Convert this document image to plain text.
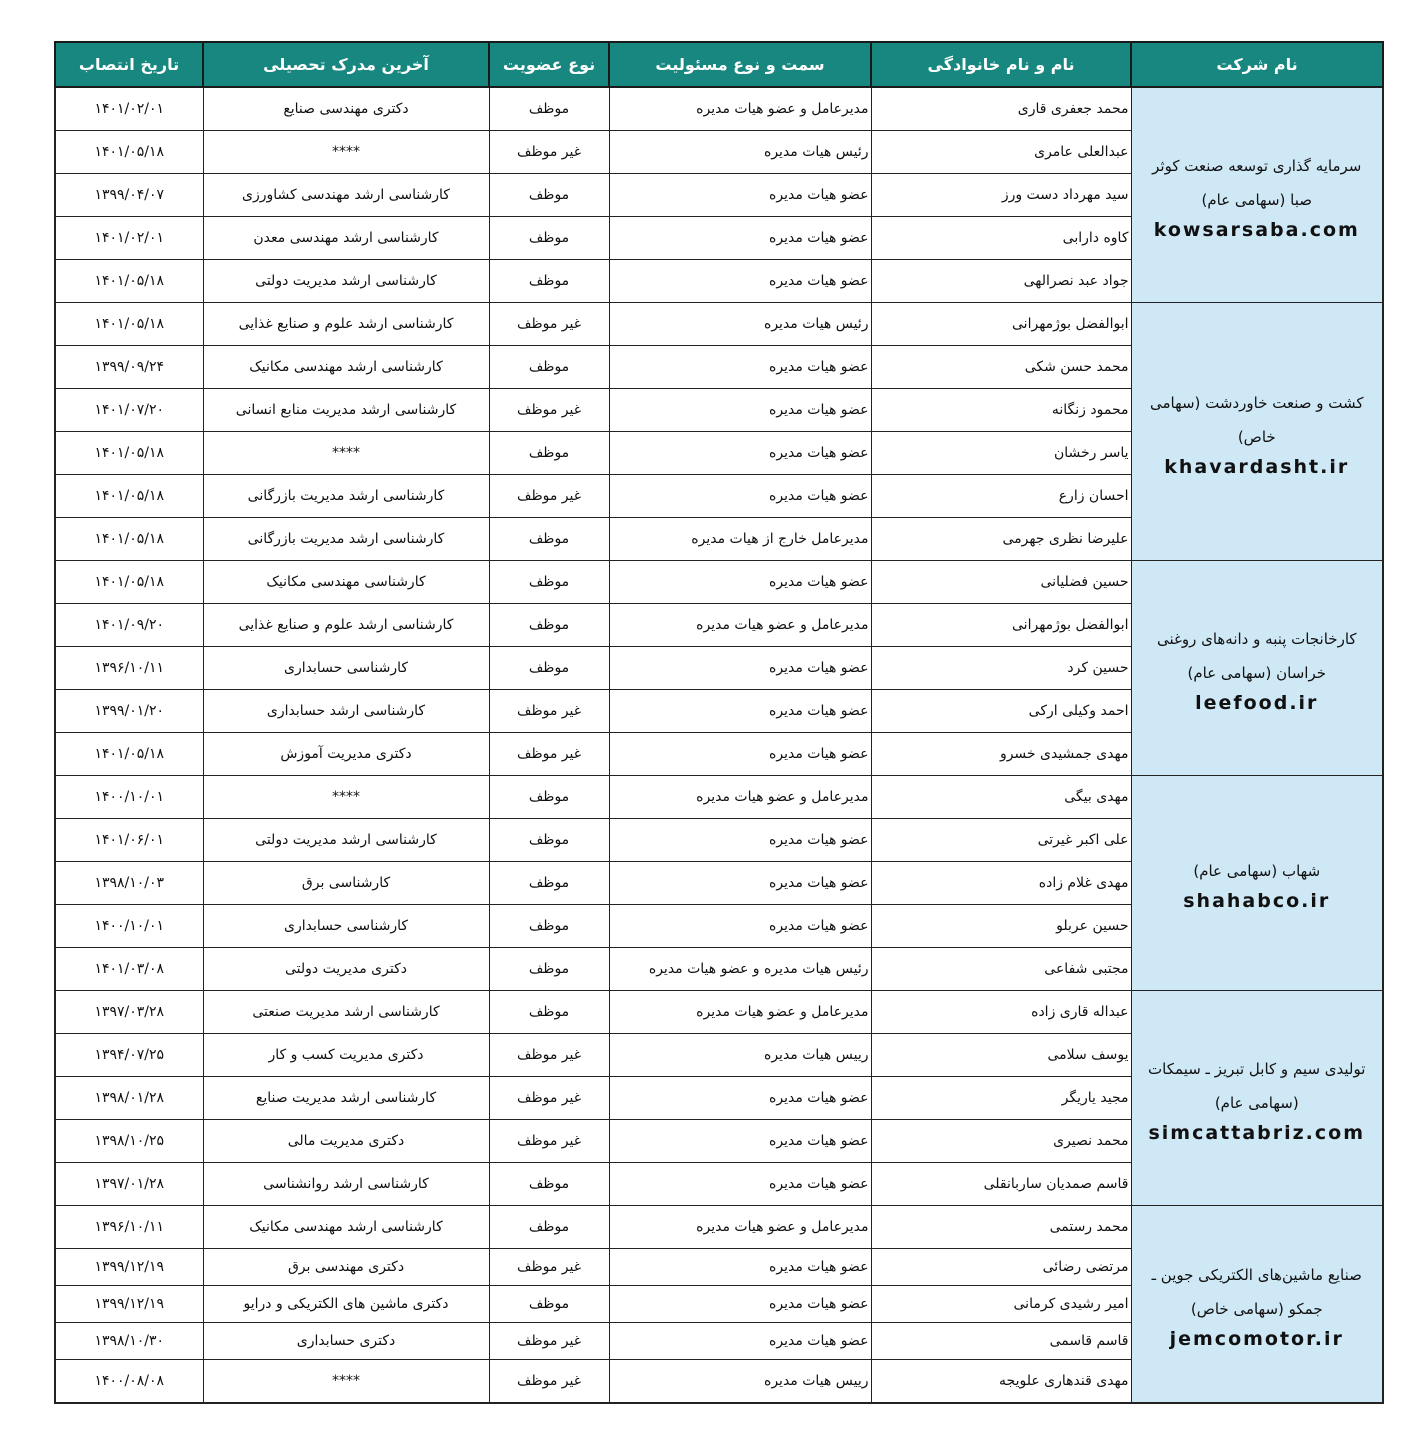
نام شرکت	نام و نام خانوادگی	سمت و نوع مسئولیت	نوع عضویت	آخرین مدرک تحصیلی	تاریخ انتصاب

سرمایه گذاری توسعه صنعت کوثر صبا (سهامی عام)
kowsarsaba.com	محمد جعفری قاری	مدیرعامل و عضو هیات مدیره	موظف	دکتری مهندسی صنایع	۱۴۰۱/۰۲/۰۱
	عبدالعلی عامری	رئیس هیات مدیره	غیر موظف	****	۱۴۰۱/۰۵/۱۸
	سید مهرداد دست ورز	عضو هیات مدیره	موظف	کارشناسی ارشد مهندسی کشاورزی	۱۳۹۹/۰۴/۰۷
	کاوه دارابی	عضو هیات مدیره	موظف	کارشناسی ارشد مهندسی معدن	۱۴۰۱/۰۲/۰۱
	جواد عبد نصرالهی	عضو هیات مدیره	موظف	کارشناسی ارشد مدیریت دولتی	۱۴۰۱/۰۵/۱۸

کشت و صنعت خاوردشت (سهامی خاص)
khavardasht.ir	ابوالفضل بوژمهرانی	رئیس هیات مدیره	غیر موظف	کارشناسی ارشد علوم و صنایع غذایی	۱۴۰۱/۰۵/۱۸
	محمد حسن شکی	عضو هیات مدیره	موظف	کارشناسی ارشد مهندسی مکانیک	۱۳۹۹/۰۹/۲۴
	محمود زنگانه	عضو هیات مدیره	غیر موظف	کارشناسی ارشد مدیریت منابع انسانی	۱۴۰۱/۰۷/۲۰
	یاسر رخشان	عضو هیات مدیره	موظف	****	۱۴۰۱/۰۵/۱۸
	احسان زارع	عضو هیات مدیره	غیر موظف	کارشناسی ارشد مدیریت بازرگانی	۱۴۰۱/۰۵/۱۸
	علیرضا نظری جهرمی	مدیرعامل خارج از هیات مدیره	موظف	کارشناسی ارشد مدیریت بازرگانی	۱۴۰۱/۰۵/۱۸

کارخانجات پنبه و دانه‌های روغنی خراسان (سهامی عام)
leefood.ir	حسین فضلیانی	عضو هیات مدیره	موظف	کارشناسی مهندسی مکانیک	۱۴۰۱/۰۵/۱۸
	ابوالفضل بوژمهرانی	مدیرعامل و عضو هیات مدیره	موظف	کارشناسی ارشد علوم و صنایع غذایی	۱۴۰۱/۰۹/۲۰
	حسین کرد	عضو هیات مدیره	موظف	کارشناسی حسابداری	۱۳۹۶/۱۰/۱۱
	احمد وکیلی ارکی	عضو هیات مدیره	غیر موظف	کارشناسی ارشد حسابداری	۱۳۹۹/۰۱/۲۰
	مهدی جمشیدی خسرو	عضو هیات مدیره	غیر موظف	دکتری مدیریت آموزش	۱۴۰۱/۰۵/۱۸

شهاب (سهامی عام)
shahabco.ir	مهدی بیگی	مدیرعامل و عضو هیات مدیره	موظف	****	۱۴۰۰/۱۰/۰۱
	علی اکبر غیرتی	عضو هیات مدیره	موظف	کارشناسی ارشد مدیریت دولتی	۱۴۰۱/۰۶/۰۱
	مهدی غلام زاده	عضو هیات مدیره	موظف	کارشناسی برق	۱۳۹۸/۱۰/۰۳
	حسین عربلو	عضو هیات مدیره	موظف	کارشناسی حسابداری	۱۴۰۰/۱۰/۰۱
	مجتبی شفاعی	رئیس هیات مدیره و عضو هیات مدیره	موظف	دکتری مدیریت دولتی	۱۴۰۱/۰۳/۰۸

تولیدی سیم و کابل تبریز ـ سیمکات (سهامی عام)
simcattabriz.com	عبداله قاری زاده	مدیرعامل و عضو هیات مدیره	موظف	کارشناسی ارشد مدیریت صنعتی	۱۳۹۷/۰۳/۲۸
	یوسف سلامی	رییس هیات مدیره	غیر موظف	دکتری مدیریت کسب و کار	۱۳۹۴/۰۷/۲۵
	مجید یاریگر	عضو هیات مدیره	غیر موظف	کارشناسی ارشد مدیریت صنایع	۱۳۹۸/۰۱/۲۸
	محمد نصیری	عضو هیات مدیره	غیر موظف	دکتری مدیریت مالی	۱۳۹۸/۱۰/۲۵
	قاسم صمدیان ساربانقلی	عضو هیات مدیره	موظف	کارشناسی ارشد روانشناسی	۱۳۹۷/۰۱/۲۸

صنایع ماشین‌های الکتریکی جوین ـ جمکو (سهامی خاص)
jemcomotor.ir	محمد رستمی	مدیرعامل و عضو هیات مدیره	موظف	کارشناسی ارشد مهندسی مکانیک	۱۳۹۶/۱۰/۱۱
	مرتضی رضائی	عضو هیات مدیره	غیر موظف	دکتری مهندسی برق	۱۳۹۹/۱۲/۱۹
	امیر رشیدی کرمانی	عضو هیات مدیره	موظف	دکتری ماشین های الکتریکی و درایو	۱۳۹۹/۱۲/۱۹
	قاسم قاسمی	عضو هیات مدیره	غیر موظف	دکتری حسابداری	۱۳۹۸/۱۰/۳۰
	مهدی قندهاری علویجه	رییس هیات مدیره	غیر موظف	****	۱۴۰۰/۰۸/۰۸
